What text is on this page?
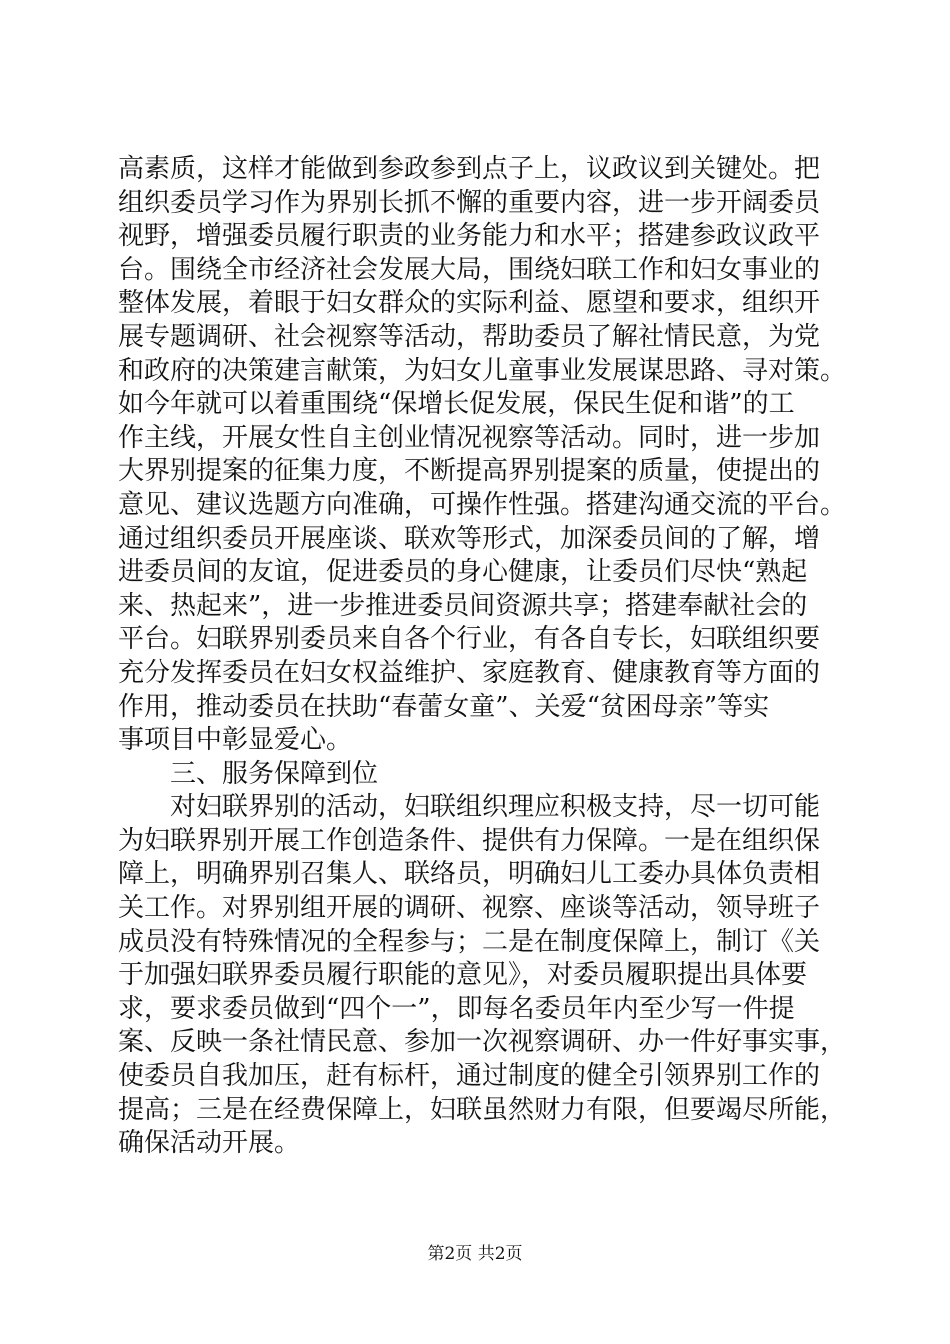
高素质，这样才能做到参政参到点子上，议政议到关键处。把
组织委员学习作为界别长抓不懈的重要内容，进一步开阔委员
视野，增强委员履行职责的业务能力和水平；搭建参政议政平
台。围绕全市经济社会发展大局，围绕妇联工作和妇女事业的
整体发展，着眼于妇女群众的实际利益、愿望和要求，组织开
展专题调研、社会视察等活动，帮助委员了解社情民意，为党
和政府的决策建言献策，为妇女儿童事业发展谋思路、寻对策。
如今年就可以着重围绕“保增长促发展，保民生促和谐”的工
作主线，开展女性自主创业情况视察等活动。同时，进一步加
大界别提案的征集力度，不断提高界别提案的质量，使提出的
意见、建议选题方向准确，可操作性强。搭建沟通交流的平台。
通过组织委员开展座谈、联欢等形式，加深委员间的了解，增
进委员间的友谊，促进委员的身心健康，让委员们尽快“熟起
来、热起来”，进一步推进委员间资源共享；搭建奉献社会的
平台。妇联界别委员来自各个行业，有各自专长，妇联组织要
充分发挥委员在妇女权益维护、家庭教育、健康教育等方面的
作用，推动委员在扶助“春蕾女童”、关爱“贫困母亲”等实
事项目中彰显爱心。
三、服务保障到位
对妇联界别的活动，妇联组织理应积极支持，尽一切可能
为妇联界别开展工作创造条件、提供有力保障。一是在组织保
障上，明确界别召集人、联络员，明确妇儿工委办具体负责相
关工作。对界别组开展的调研、视察、座谈等活动，领导班子
成员没有特殊情况的全程参与；二是在制度保障上，制订《关
于加强妇联界委员履行职能的意见》，对委员履职提出具体要
求，要求委员做到“四个一”，即每名委员年内至少写一件提
案、反映一条社情民意、参加一次视察调研、办一件好事实事，
使委员自我加压，赶有标杆，通过制度的健全引领界别工作的
提高；三是在经费保障上，妇联虽然财力有限，但要竭尽所能，
确保活动开展。
第2页 共2页
